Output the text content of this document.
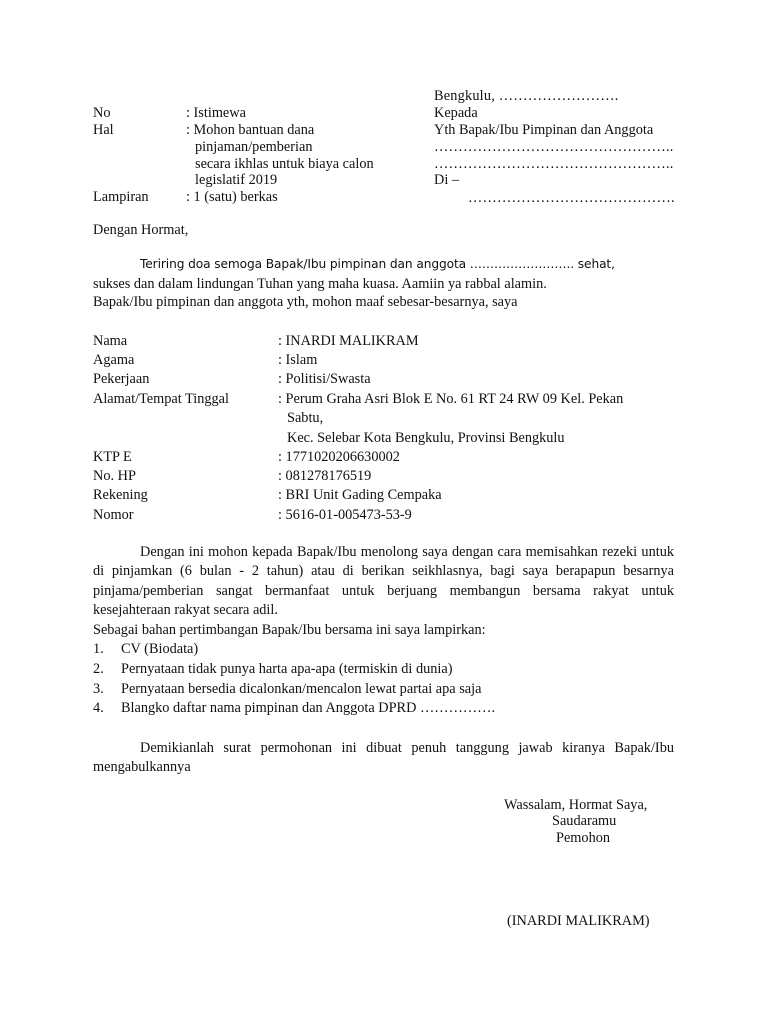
Bengkulu, …………………….
No	: Istimewa
Hal	: Mohon bantuan dana
pinjaman/pemberian
secara ikhlas untuk biaya calon
legislatif 2019
Lampiran	: 1 (satu) berkas
Kepada
Yth Bapak/Ibu Pimpinan dan Anggota
…………………………………………..
…………………………………………..
Di –
…………………………………….
Dengan Hormat,
Teriring doa semoga Bapak/Ibu pimpinan dan anggota …………………….. sehat,
sukses dan dalam lindungan Tuhan yang maha kuasa. Aamiin ya rabbal alamin.
Bapak/Ibu pimpinan dan anggota yth, mohon maaf sebesar-besarnya, saya
Nama	: INARDI MALIKRAM
Agama	: Islam
Pekerjaan	: Politisi/Swasta
Alamat/Tempat Tinggal	: Perum Graha Asri Blok E No. 61 RT 24 RW 09 Kel. Pekan
Sabtu,
Kec. Selebar Kota Bengkulu, Provinsi Bengkulu
KTP E	: 1771020206630002
No. HP	: 081278176519
Rekening	: BRI Unit Gading Cempaka
Nomor	: 5616-01-005473-53-9
Dengan ini mohon kepada Bapak/Ibu menolong saya dengan cara memisahkan rezeki untuk di pinjamkan (6 bulan - 2 tahun) atau di berikan seikhlasnya, bagi saya berapapun besarnya pinjama/pemberian sangat bermanfaat untuk berjuang membangun bersama rakyat untuk kesejahteraan rakyat secara adil.
Sebagai bahan pertimbangan Bapak/Ibu bersama ini saya lampirkan:
1. CV (Biodata)
2. Pernyataan tidak punya harta apa-apa (termiskin di dunia)
3. Pernyataan bersedia dicalonkan/mencalon lewat partai apa saja
4. Blangko daftar nama pimpinan dan Anggota DPRD …………….
Demikianlah surat permohonan ini dibuat penuh tanggung jawab kiranya Bapak/Ibu mengabulkannya
Wassalam, Hormat Saya,
Saudaramu
Pemohon
(INARDI MALIKRAM)
